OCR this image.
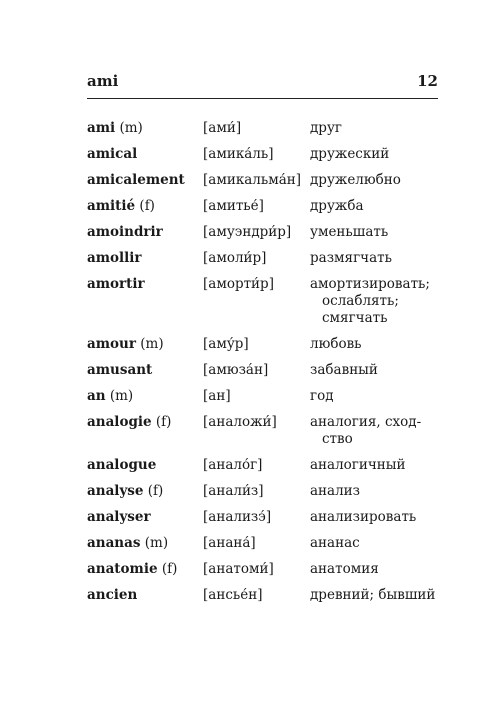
ami	12
ami (m)	[ами́]	друг
amical	[амика́ль]	дружеский
amicalement	[амикальма́н] дружелюбно
amitié (f)	[амитье́]	дружба
amoindrir	[амуэндри́р]	уменьшать
amollir	[амоли́р]	размягчать
amortir	[аморти́р]	амортизировать;
ослаблять;
смягчать
amour (m)	[аму́р]	любовь
amusant	[амюза́н]	забавный
an (m)	[ан]	год
analogie (f)	[аналожи́]	аналогия, сход-
ство
analogue	[анало́г]	аналогичный
analyse (f)	[анали́з]	анализ
analyser	[анализэ́]	анализировать
ananas (m)	[анана́]	ананас
anatomie (f)	[анатоми́]	анатомия
ancien	[ансье́н]	древний; бывший
